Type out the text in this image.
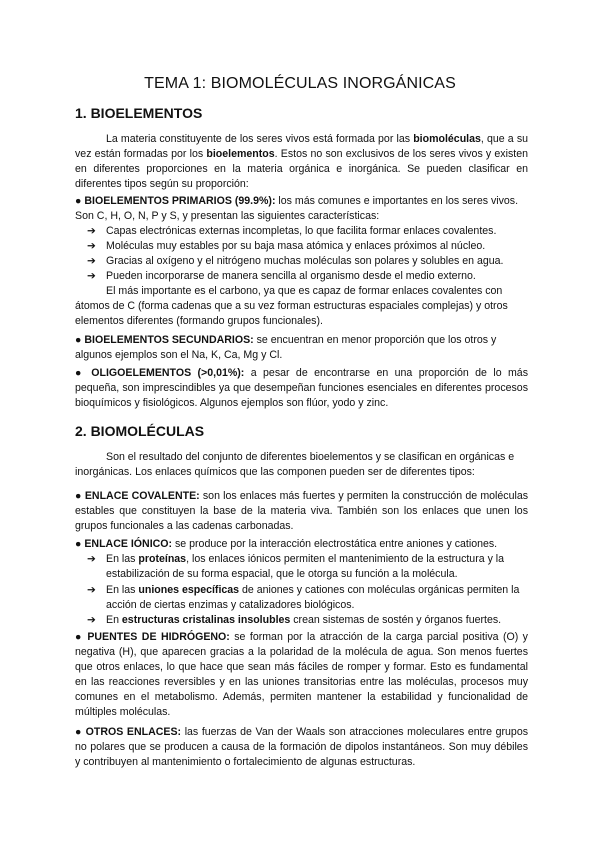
TEMA 1: BIOMOLÉCULAS INORGÁNICAS
1. BIOELEMENTOS

La materia constituyente de los seres vivos está formada por las biomoléculas, que a su vez están formadas por los bioelementos. Estos no son exclusivos de los seres vivos y existen en diferentes proporciones en la materia orgánica e inorgánica. Se pueden clasificar en diferentes tipos según su proporción:

● BIOELEMENTOS PRIMARIOS (99.9%): los más comunes e importantes en los seres vivos. Son C, H, O, N, P y S, y presentan las siguientes características:

➔ Capas electrónicas externas incompletas, lo que facilita formar enlaces covalentes.
➔ Moléculas muy estables por su baja masa atómica y enlaces próximos al núcleo.
➔ Gracias al oxígeno y el nitrógeno muchas moléculas son polares y solubles en agua.
➔ Pueden incorporarse de manera sencilla al organismo desde el medio externo.

El más importante es el carbono, ya que es capaz de formar enlaces covalentes con átomos de C (forma cadenas que a su vez forman estructuras espaciales complejas) y otros elementos diferentes (formando grupos funcionales).

● BIOELEMENTOS SECUNDARIOS: se encuentran en menor proporción que los otros y algunos ejemplos son el Na, K, Ca, Mg y Cl.

● OLIGOELEMENTOS (>0,01%): a pesar de encontrarse en una proporción de lo más pequeña, son imprescindibles ya que desempeñan funciones esenciales en diferentes procesos bioquímicos y fisiológicos. Algunos ejemplos son flúor, yodo y zinc.

2. BIOMOLÉCULAS

Son el resultado del conjunto de diferentes bioelementos y se clasifican en orgánicas e inorgánicas. Los enlaces químicos que las componen pueden ser de diferentes tipos:

● ENLACE COVALENTE: son los enlaces más fuertes y permiten la construcción de moléculas estables que constituyen la base de la materia viva. También son los enlaces que unen los grupos funcionales a las cadenas carbonadas.

● ENLACE IÓNICO: se produce por la interacción electrostática entre aniones y cationes.

➔ En las proteínas, los enlaces iónicos permiten el mantenimiento de la estructura y la estabilización de su forma espacial, que le otorga su función a la molécula.
➔ En las uniones específicas de aniones y cationes con moléculas orgánicas permiten la acción de ciertas enzimas y catalizadores biológicos.
➔ En estructuras cristalinas insolubles crean sistemas de sostén y órganos fuertes.

● PUENTES DE HIDRÓGENO: se forman por la atracción de la carga parcial positiva (O) y negativa (H), que aparecen gracias a la polaridad de la molécula de agua. Son menos fuertes que otros enlaces, lo que hace que sean más fáciles de romper y formar. Esto es fundamental en las reacciones reversibles y en las uniones transitorias entre las moléculas, procesos muy comunes en el metabolismo. Además, permiten mantener la estabilidad y funcionalidad de múltiples moléculas.

● OTROS ENLACES: las fuerzas de Van der Waals son atracciones moleculares entre grupos no polares que se producen a causa de la formación de dipolos instantáneos. Son muy débiles y contribuyen al mantenimiento o fortalecimiento de algunas estructuras.
